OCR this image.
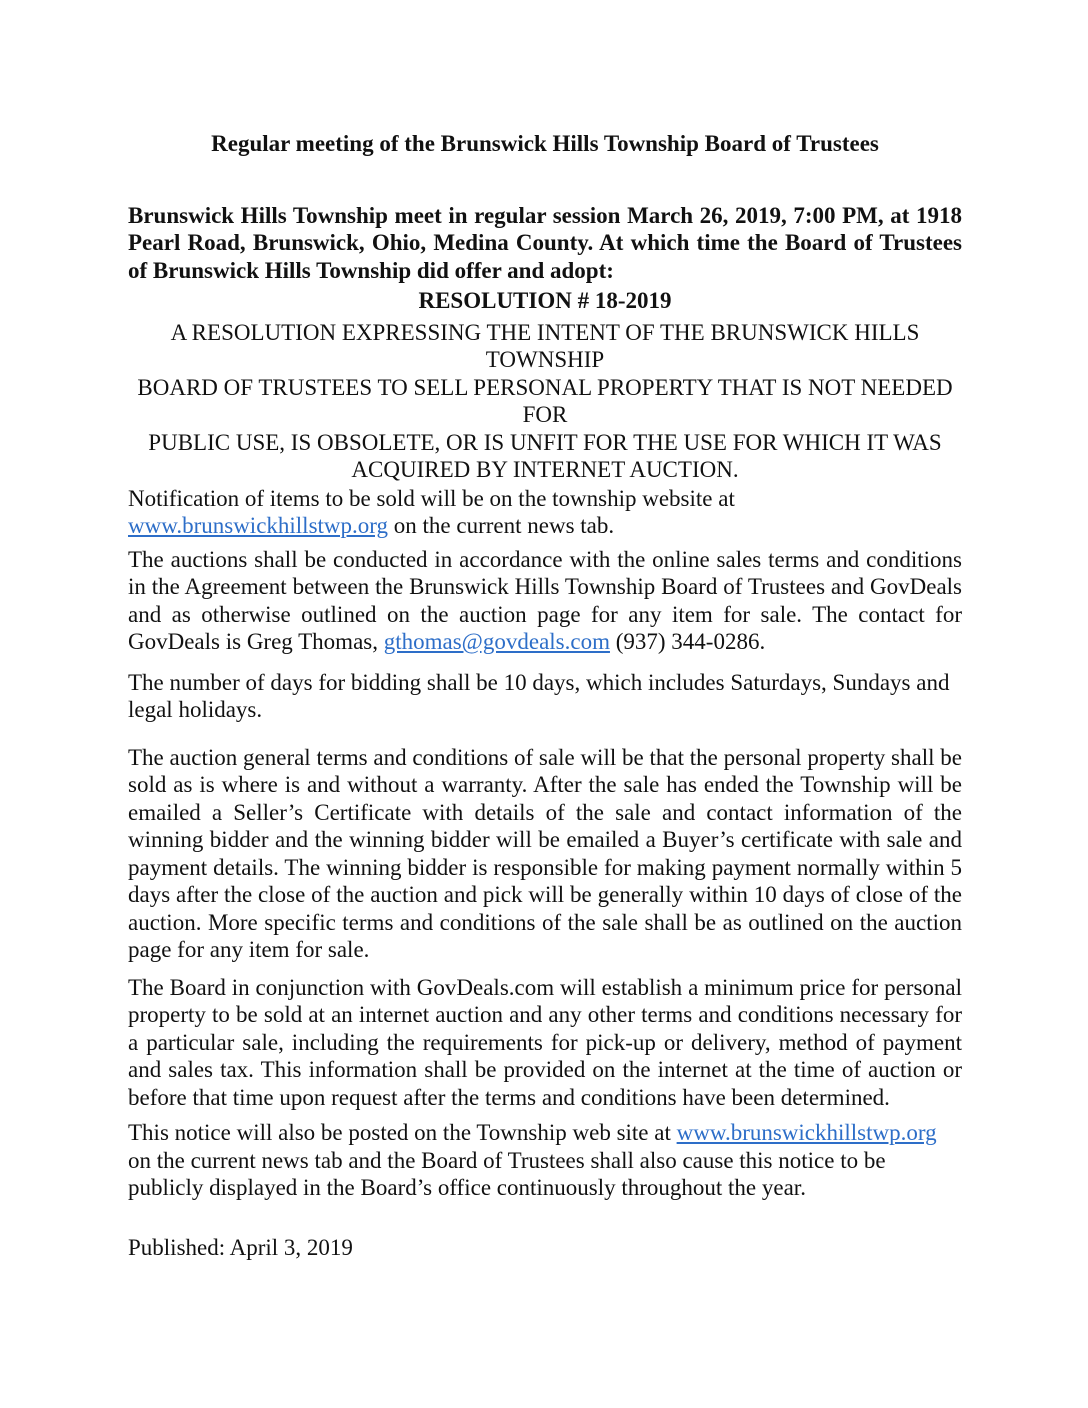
Regular meeting of the Brunswick Hills Township Board of Trustees

Brunswick Hills Township meet in regular session March 26, 2019, 7:00 PM, at 1918 Pearl Road, Brunswick, Ohio, Medina County. At which time the Board of Trustees of Brunswick Hills Township did offer and adopt:

RESOLUTION # 18-2019

A RESOLUTION EXPRESSING THE INTENT OF THE BRUNSWICK HILLS TOWNSHIP
BOARD OF TRUSTEES TO SELL PERSONAL PROPERTY THAT IS NOT NEEDED FOR
PUBLIC USE, IS OBSOLETE, OR IS UNFIT FOR THE USE FOR WHICH IT WAS
ACQUIRED BY INTERNET AUCTION.

Notification of items to be sold will be on the township website at www.brunswickhillstwp.org on the current news tab.

The auctions shall be conducted in accordance with the online sales terms and conditions in the Agreement between the Brunswick Hills Township Board of Trustees and GovDeals and as otherwise outlined on the auction page for any item for sale. The contact for GovDeals is Greg Thomas, gthomas@govdeals.com (937) 344-0286.

The number of days for bidding shall be 10 days, which includes Saturdays, Sundays and legal holidays.

The auction general terms and conditions of sale will be that the personal property shall be sold as is where is and without a warranty. After the sale has ended the Township will be emailed a Seller’s Certificate with details of the sale and contact information of the winning bidder and the winning bidder will be emailed a Buyer’s certificate with sale and payment details. The winning bidder is responsible for making payment normally within 5 days after the close of the auction and pick will be generally within 10 days of close of the auction. More specific terms and conditions of the sale shall be as outlined on the auction page for any item for sale.

The Board in conjunction with GovDeals.com will establish a minimum price for personal property to be sold at an internet auction and any other terms and conditions necessary for a particular sale, including the requirements for pick-up or delivery, method of payment and sales tax. This information shall be provided on the internet at the time of auction or before that time upon request after the terms and conditions have been determined.

This notice will also be posted on the Township web site at www.brunswickhillstwp.org on the current news tab and the Board of Trustees shall also cause this notice to be publicly displayed in the Board’s office continuously throughout the year.

Published: April 3, 2019
